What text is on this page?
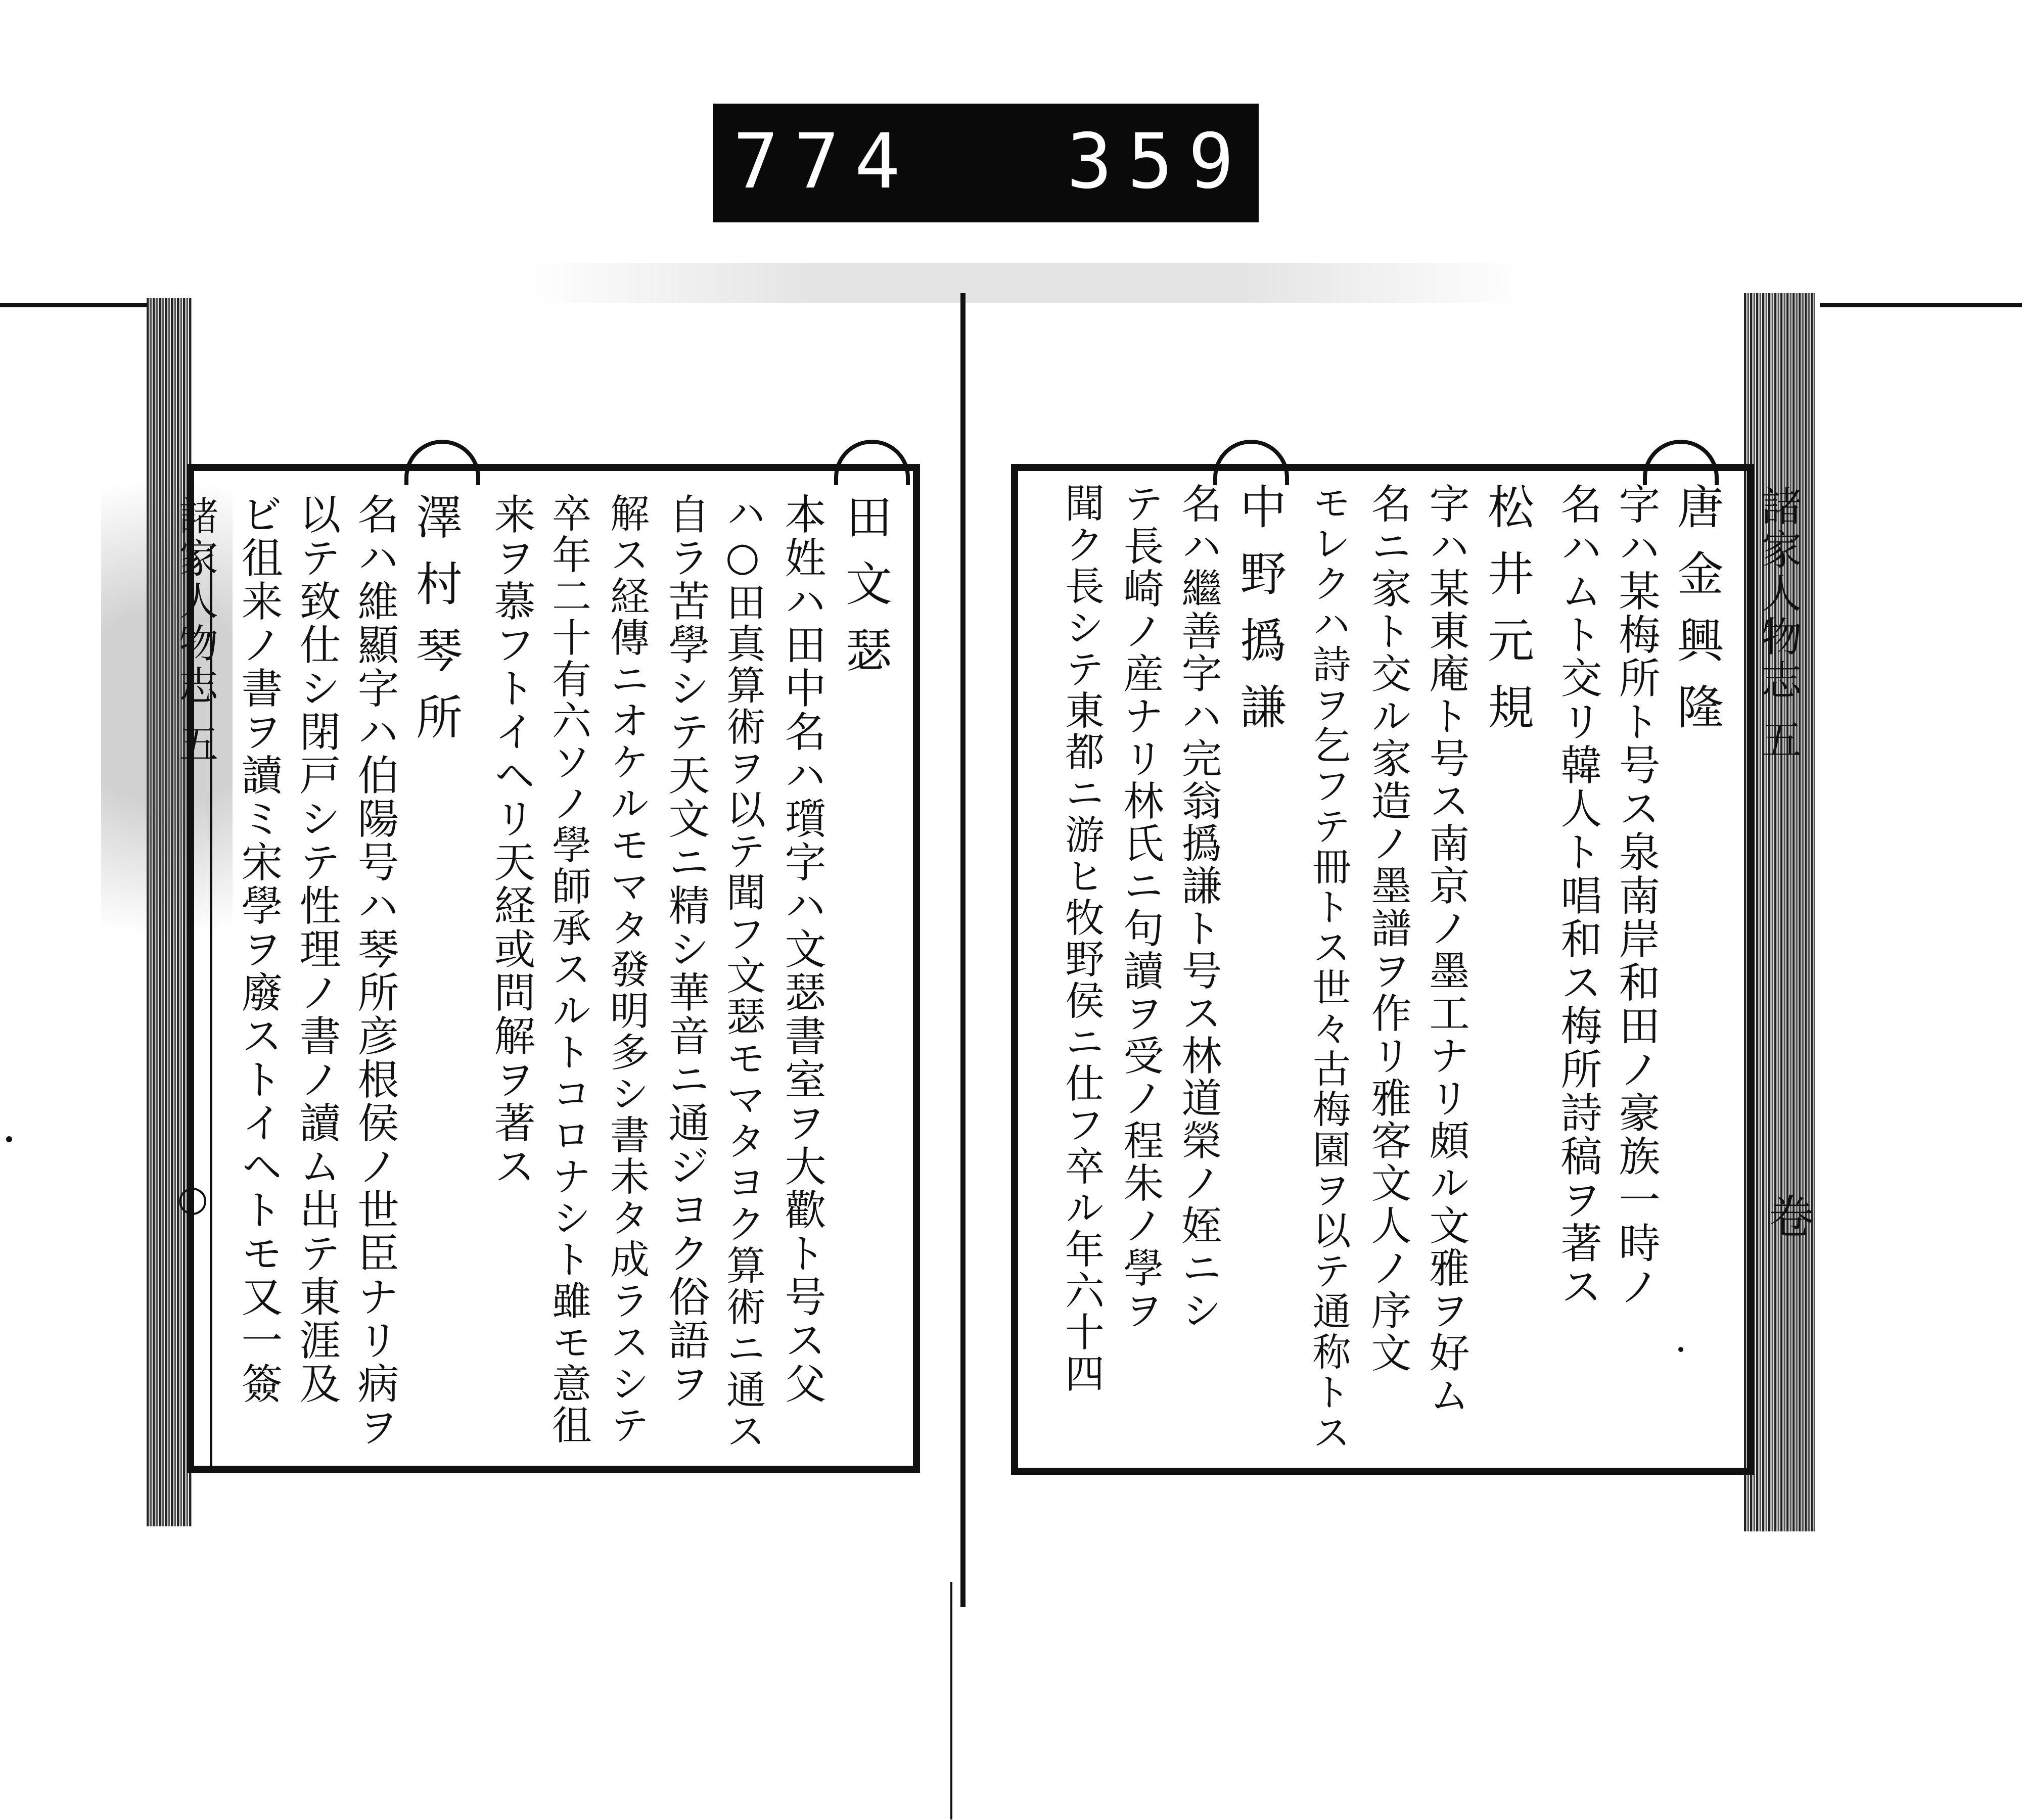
774 359.
諸家人物志 五
○
田文瑟
本姓ハ田中名ハ瓆字ハ文瑟書室ヲ大歡ト号ス父
ハ○田真算術ヲ以テ聞フ文瑟モマタヨク算術ニ通ス
自ラ苦學シテ天文ニ精シ華音ニ通ジヨク俗語ヲ
解ス経傳ニオケルモマタ發明多シ書未タ成ラスシテ
卒年二十有六ソノ學師承スルトコロナシト雖モ意徂
来ヲ慕フトイヘリ天経或問解ヲ著ス
澤村琴所
名ハ維顯字ハ伯陽号ハ琴所彦根侯ノ世臣ナリ病ヲ
以テ致仕シ閉戸シテ性理ノ書ノ讀ム出テ東涯及
ビ徂来ノ書ヲ讀ミ宋學ヲ廢ストイヘトモ又一簽	諸家人物志 五
卷
唐金興隆
字ハ某梅所ト号ス泉南岸和田ノ豪族一時ノ
名ハムト交リ韓人ト唱和ス梅所詩稿ヲ著ス
松井元規
字ハ某東庵ト号ス南京ノ墨工ナリ頗ル文雅ヲ好ム
名ニ家ト交ル家造ノ墨譜ヲ作リ雅客文人ノ序文
モレクハ詩ヲ乞フテ冊トス世々古梅園ヲ以テ通称トス
中野撝謙
名ハ繼善字ハ完翁撝謙ト号ス林道榮ノ姪ニシ
テ長崎ノ産ナリ林氏ニ句讀ヲ受ノ程朱ノ學ヲ
聞ク長シテ東都ニ游ヒ牧野侯ニ仕フ卒ル年六十四
